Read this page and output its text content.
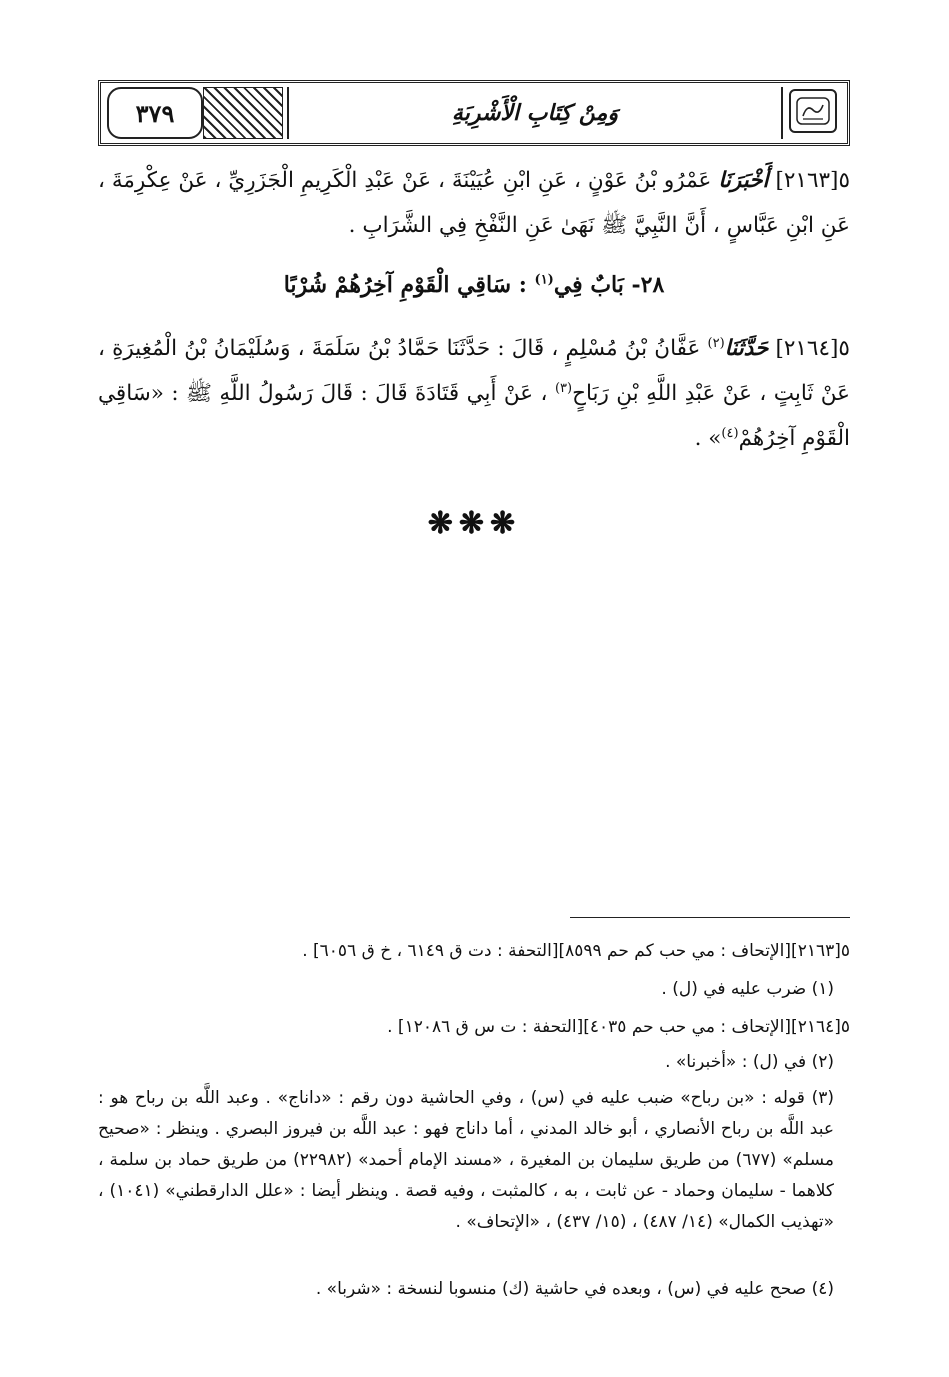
٣٧٩	وَمِنْ كِتَابِ الْأَشْرِبَةِ
٥[٢١٦٣] أَخْبَرَنَا عَمْرُو بْنُ عَوْنٍ ، عَنِ ابْنِ عُيَيْنَةَ ، عَنْ عَبْدِ الْكَرِيمِ الْجَزَرِيِّ ، عَنْ عِكْرِمَةَ ، عَنِ ابْنِ عَبَّاسٍ ، أَنَّ النَّبِيَّ ﷺ نَهَىٰ عَنِ النَّفْخِ فِي الشَّرَابِ .
٢٨- بَابٌ فِي$^{(١)}$ : سَاقِي الْقَوْمِ آخِرُهُمْ شُرْبًا
٥[٢١٦٤] حَدَّثَنَا$^{(٢)}$ عَفَّانُ بْنُ مُسْلِمٍ ، قَالَ : حَدَّثَنَا حَمَّادُ بْنُ سَلَمَةَ ، وَسُلَيْمَانُ بْنُ الْمُغِيرَةِ ، عَنْ ثَابِتٍ ، عَنْ عَبْدِ اللَّهِ بْنِ رَبَاحٍ$^{(٣)}$ ، عَنْ أَبِي قَتَادَةَ قَالَ : قَالَ رَسُولُ اللَّهِ ﷺ : «سَاقِي الْقَوْمِ آخِرُهُمْ$^{(٤)}$» .
❋❋❋
٥[٢١٦٣][الإتحاف : مي حب كم حم ٨٥٩٩][التحفة : دت ق ٦١٤٩ ، خ ق ٦٠٥٦] .
(١) ضرب عليه في (ل) .
٥[٢١٦٤][الإتحاف : مي حب حم ٤٠٣٥][التحفة : ت س ق ١٢٠٨٦] .
(٢) في (ل) : «أخبرنا» .
(٣) قوله : «بن رباح» ضبب عليه في (س) ، وفي الحاشية دون رقم : «داناج» . وعبد اللَّه بن رباح هو : عبد اللَّه بن رباح الأنصاري ، أبو خالد المدني ، أما داناج فهو : عبد اللَّه بن فيروز البصري . وينظر : «صحيح مسلم» (٦٧٧) من طريق سليمان بن المغيرة ، «مسند الإمام أحمد» (٢٢٩٨٢) من طريق حماد بن سلمة ، كلاهما - سليمان وحماد - عن ثابت ، به ، كالمثبت ، وفيه قصة . وينظر أيضا : «علل الدارقطني» (١٠٤١) ، «تهذيب الكمال» (١٤/ ٤٨٧) ، (١٥/ ٤٣٧) ، «الإتحاف» .
(٤) صحح عليه في (س) ، وبعده في حاشية (ك) منسوبا لنسخة : «شربا» .
